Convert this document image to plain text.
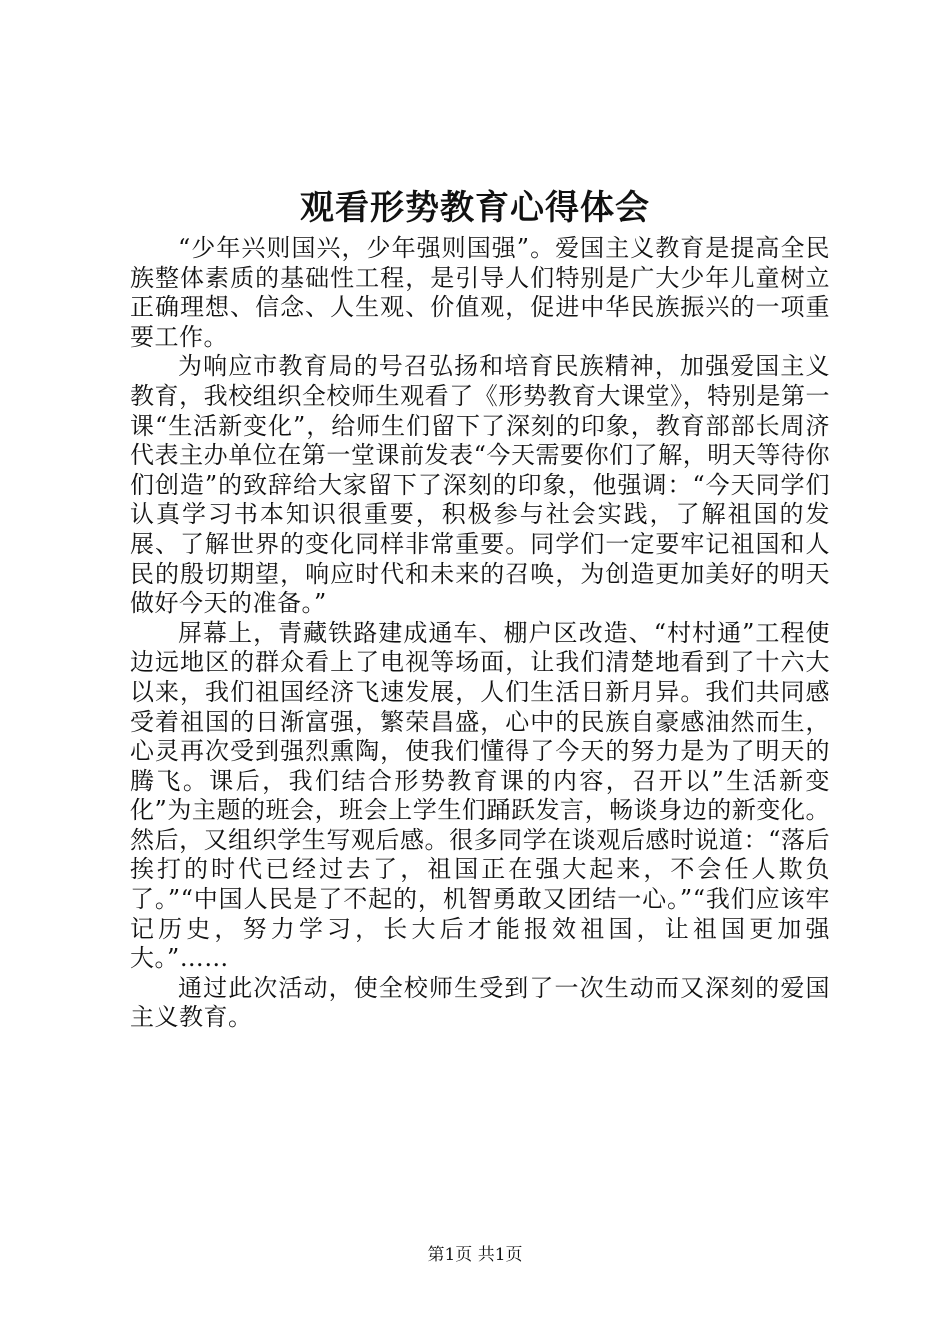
观看形势教育心得体会

“少年兴则国兴，少年强则国强”。爱国主义教育是提高全民族整体素质的基础性工程，是引导人们特别是广大少年儿童树立正确理想、信念、人生观、价值观，促进中华民族振兴的一项重要工作。

为响应市教育局的号召弘扬和培育民族精神，加强爱国主义教育，我校组织全校师生观看了《形势教育大课堂》，特别是第一课“生活新变化”，给师生们留下了深刻的印象，教育部部长周济代表主办单位在第一堂课前发表“今天需要你们了解，明天等待你们创造”的致辞给大家留下了深刻的印象，他强调：“今天同学们认真学习书本知识很重要，积极参与社会实践，了解祖国的发展、了解世界的变化同样非常重要。同学们一定要牢记祖国和人民的殷切期望，响应时代和未来的召唤，为创造更加美好的明天做好今天的准备。”

屏幕上，青藏铁路建成通车、棚户区改造、“村村通”工程使边远地区的群众看上了电视等场面，让我们清楚地看到了十六大以来，我们祖国经济飞速发展，人们生活日新月异。我们共同感受着祖国的日渐富强，繁荣昌盛，心中的民族自豪感油然而生，心灵再次受到强烈熏陶，使我们懂得了今天的努力是为了明天的腾飞。课后，我们结合形势教育课的内容，召开以”生活新变化”为主题的班会，班会上学生们踊跃发言，畅谈身边的新变化。然后，又组织学生写观后感。很多同学在谈观后感时说道：“落后挨打的时代已经过去了，祖国正在强大起来，不会任人欺负了。”“中国人民是了不起的，机智勇敢又团结一心。”“我们应该牢记历史，努力学习，长大后才能报效祖国，让祖国更加强大。”……

通过此次活动，使全校师生受到了一次生动而又深刻的爱国主义教育。

第1页 共1页
